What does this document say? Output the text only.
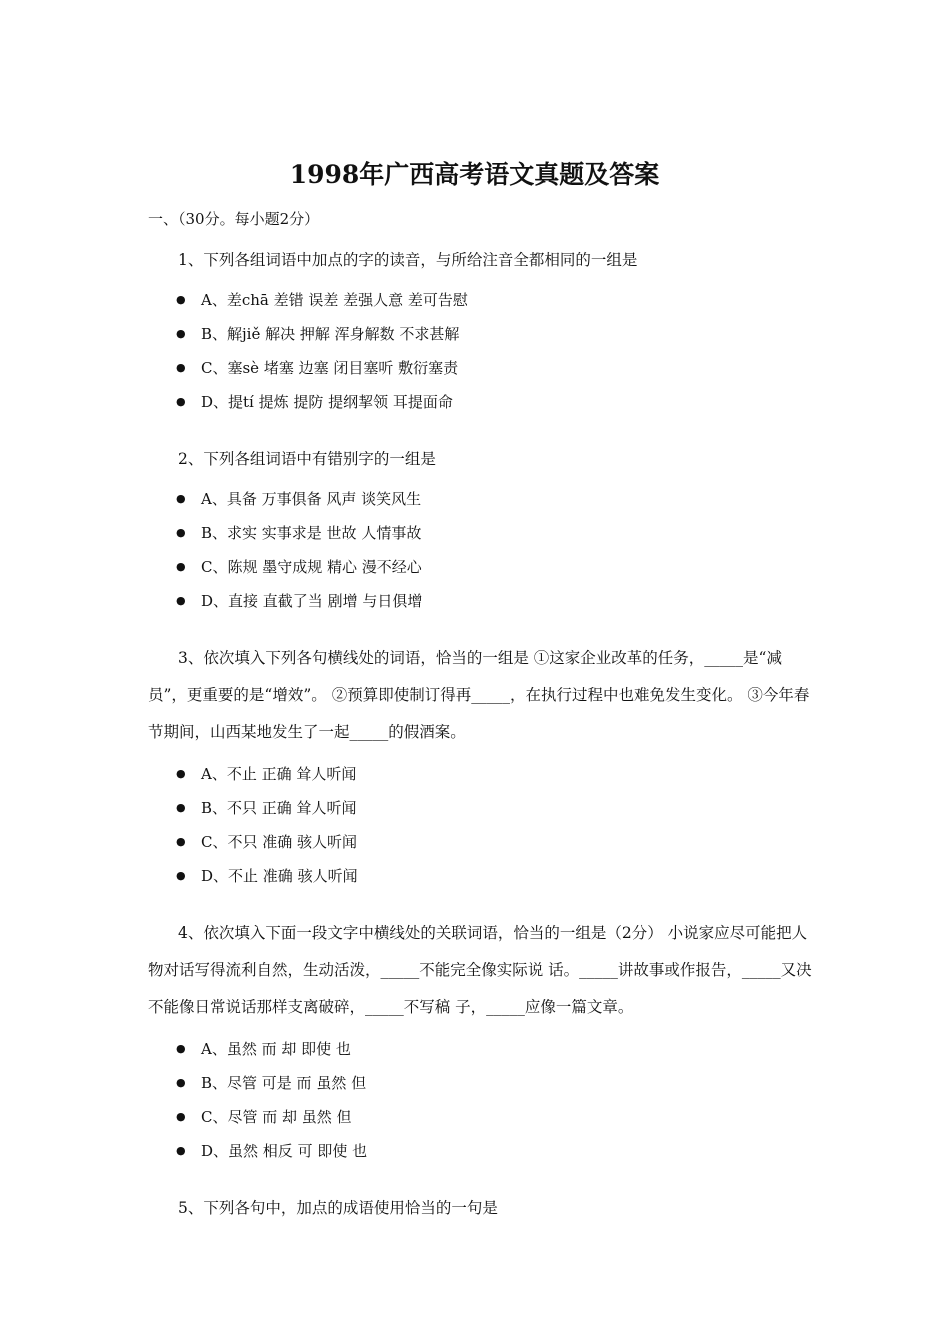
1998年广西高考语文真题及答案
一、（30分。每小题2分）

1、下列各组词语中加点的字的读音，与所给注音全都相同的一组是

● A、差chā 差错 误差 差强人意 差可告慰
● B、解jiě 解决 押解 浑身解数 不求甚解
● C、塞sè 堵塞 边塞 闭目塞听 敷衍塞责
● D、提tí 提炼 提防 提纲挈领 耳提面命

2、下列各组词语中有错别字的一组是

● A、具备 万事俱备 风声 谈笑风生
● B、求实 实事求是 世故 人情事故
● C、陈规 墨守成规 精心 漫不经心
● D、直接 直截了当 剧增 与日俱增

3、依次填入下列各句横线处的词语，恰当的一组是 ①这家企业改革的任务，_____是“减员”，更重要的是“增效”。 ②预算即使制订得再_____，在执行过程中也难免发生变化。 ③今年春节期间，山西某地发生了一起_____的假酒案。

● A、不止 正确 耸人听闻
● B、不只 正确 耸人听闻
● C、不只 准确 骇人听闻
● D、不止 准确 骇人听闻

4、依次填入下面一段文字中横线处的关联词语，恰当的一组是（2分） 小说家应尽可能把人物对话写得流利自然，生动活泼，_____不能完全像实际说 话。_____讲故事或作报告，_____又决不能像日常说话那样支离破碎，_____不写稿 子，_____应像一篇文章。

● A、虽然 而 却 即使 也
● B、尽管 可是 而 虽然 但
● C、尽管 而 却 虽然 但
● D、虽然 相反 可 即使 也

5、下列各句中，加点的成语使用恰当的一句是
